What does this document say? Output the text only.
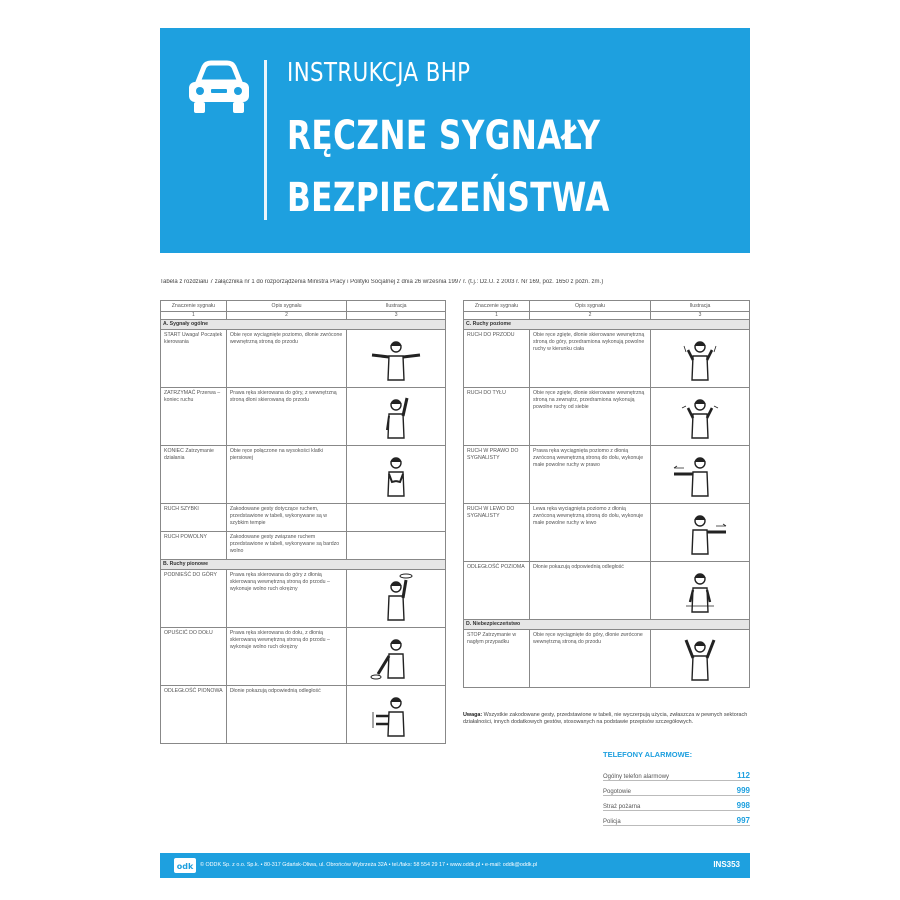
INSTRUKCJA BHP
RĘCZNE SYGNAŁY
BEZPIECZEŃSTWA
Tabela z rozdziału 7 załącznika nr 1 do rozporządzenia Ministra Pracy i Polityki Socjalnej z dnia 26 września 1997 r. (t.j.: Dz.U. z 2003 r. Nr 169, poz. 1650 z późn. zm.)
Znaczenie sygnału	Opis sygnału	Ilustracja
1	2	3
A. Sygnały ogólne		
START Uwaga! Początek kierowania	Obie ręce wyciągnięte poziomo, dłonie zwrócone wewnętrzną stroną do przodu	
ZATRZYMAĆ Przerwa – koniec ruchu	Prawa ręka skierowana do góry, z wewnętrzną stroną dłoni skierowaną do przodu	
KONIEC Zatrzymanie działania	Obie ręce połączone na wysokości klatki piersiowej	
RUCH SZYBKI	Zakodowane gesty dotyczące ruchem, przedstawione w tabeli, wykonywane są w szybkim tempie	
RUCH POWOLNY	Zakodowane gesty związane ruchem przedstawione w tabeli, wykonywane są bardzo wolno	
B. Ruchy pionowe		
PODNIEŚĆ DO GÓRY	Prawa ręka skierowana do góry z dłonią skierowaną wewnętrzną stroną do przodu – wykonuje wolno ruch okrężny	
OPUŚCIĆ DO DOŁU	Prawa ręka skierowana do dołu, z dłonią skierowaną wewnętrzną stroną do przodu – wykonuje wolno ruch okrężny	
ODLEGŁOŚĆ PIONOWA	Dłonie pokazują odpowiednią odległość	
Znaczenie sygnału	Opis sygnału	Ilustracja
1	2	3
C. Ruchy poziome		
RUCH DO PRZODU	Obie ręce zgięte, dłonie skierowane wewnętrzną stroną do góry, przedramiona wykonują powolne ruchy w kierunku ciała	
RUCH DO TYŁU	Obie ręce zgięte, dłonie skierowane wewnętrzną stroną na zewnątrz, przedramiona wykonują powolne ruchy od siebie	
RUCH W PRAWO DO SYGNALISTY	Prawa ręka wyciągnięta poziomo z dłonią zwróconą wewnętrzną stroną do dołu, wykonuje małe powolne ruchy w prawo	
RUCH W LEWO DO SYGNALISTY	Lewa ręka wyciągnięta poziomo z dłonią zwróconą wewnętrzną stroną do dołu, wykonuje małe powolne ruchy w lewo	
ODLEGŁOŚĆ POZIOMA	Dłonie pokazują odpowiednią odległość	
D. Niebezpieczeństwo		
STOP Zatrzymanie w nagłym przypadku	Obie ręce wyciągnięte do góry, dłonie zwrócone wewnętrzną stroną do przodu	
Uwaga: Wszystkie zakodowane gesty, przedstawione w tabeli, nie wyczerpują użycia, zwłaszcza w pewnych sektorach działalności, innych dodatkowych gestów, stosowanych na podstawie przepisów szczegółowych.
TELEFONY ALARMOWE:
Ogólny telefon alarmowy	112
Pogotowie	999
Straż pożarna	998
Policja	997
odk © ODDK Sp. z o.o. Sp.k. • 80-317 Gdańsk-Oliwa, ul. Obrońców Wybrzeża 32A • tel./faks: 58 554 29 17 • www.oddk.pl • e-mail: oddk@oddk.pl	INS353
